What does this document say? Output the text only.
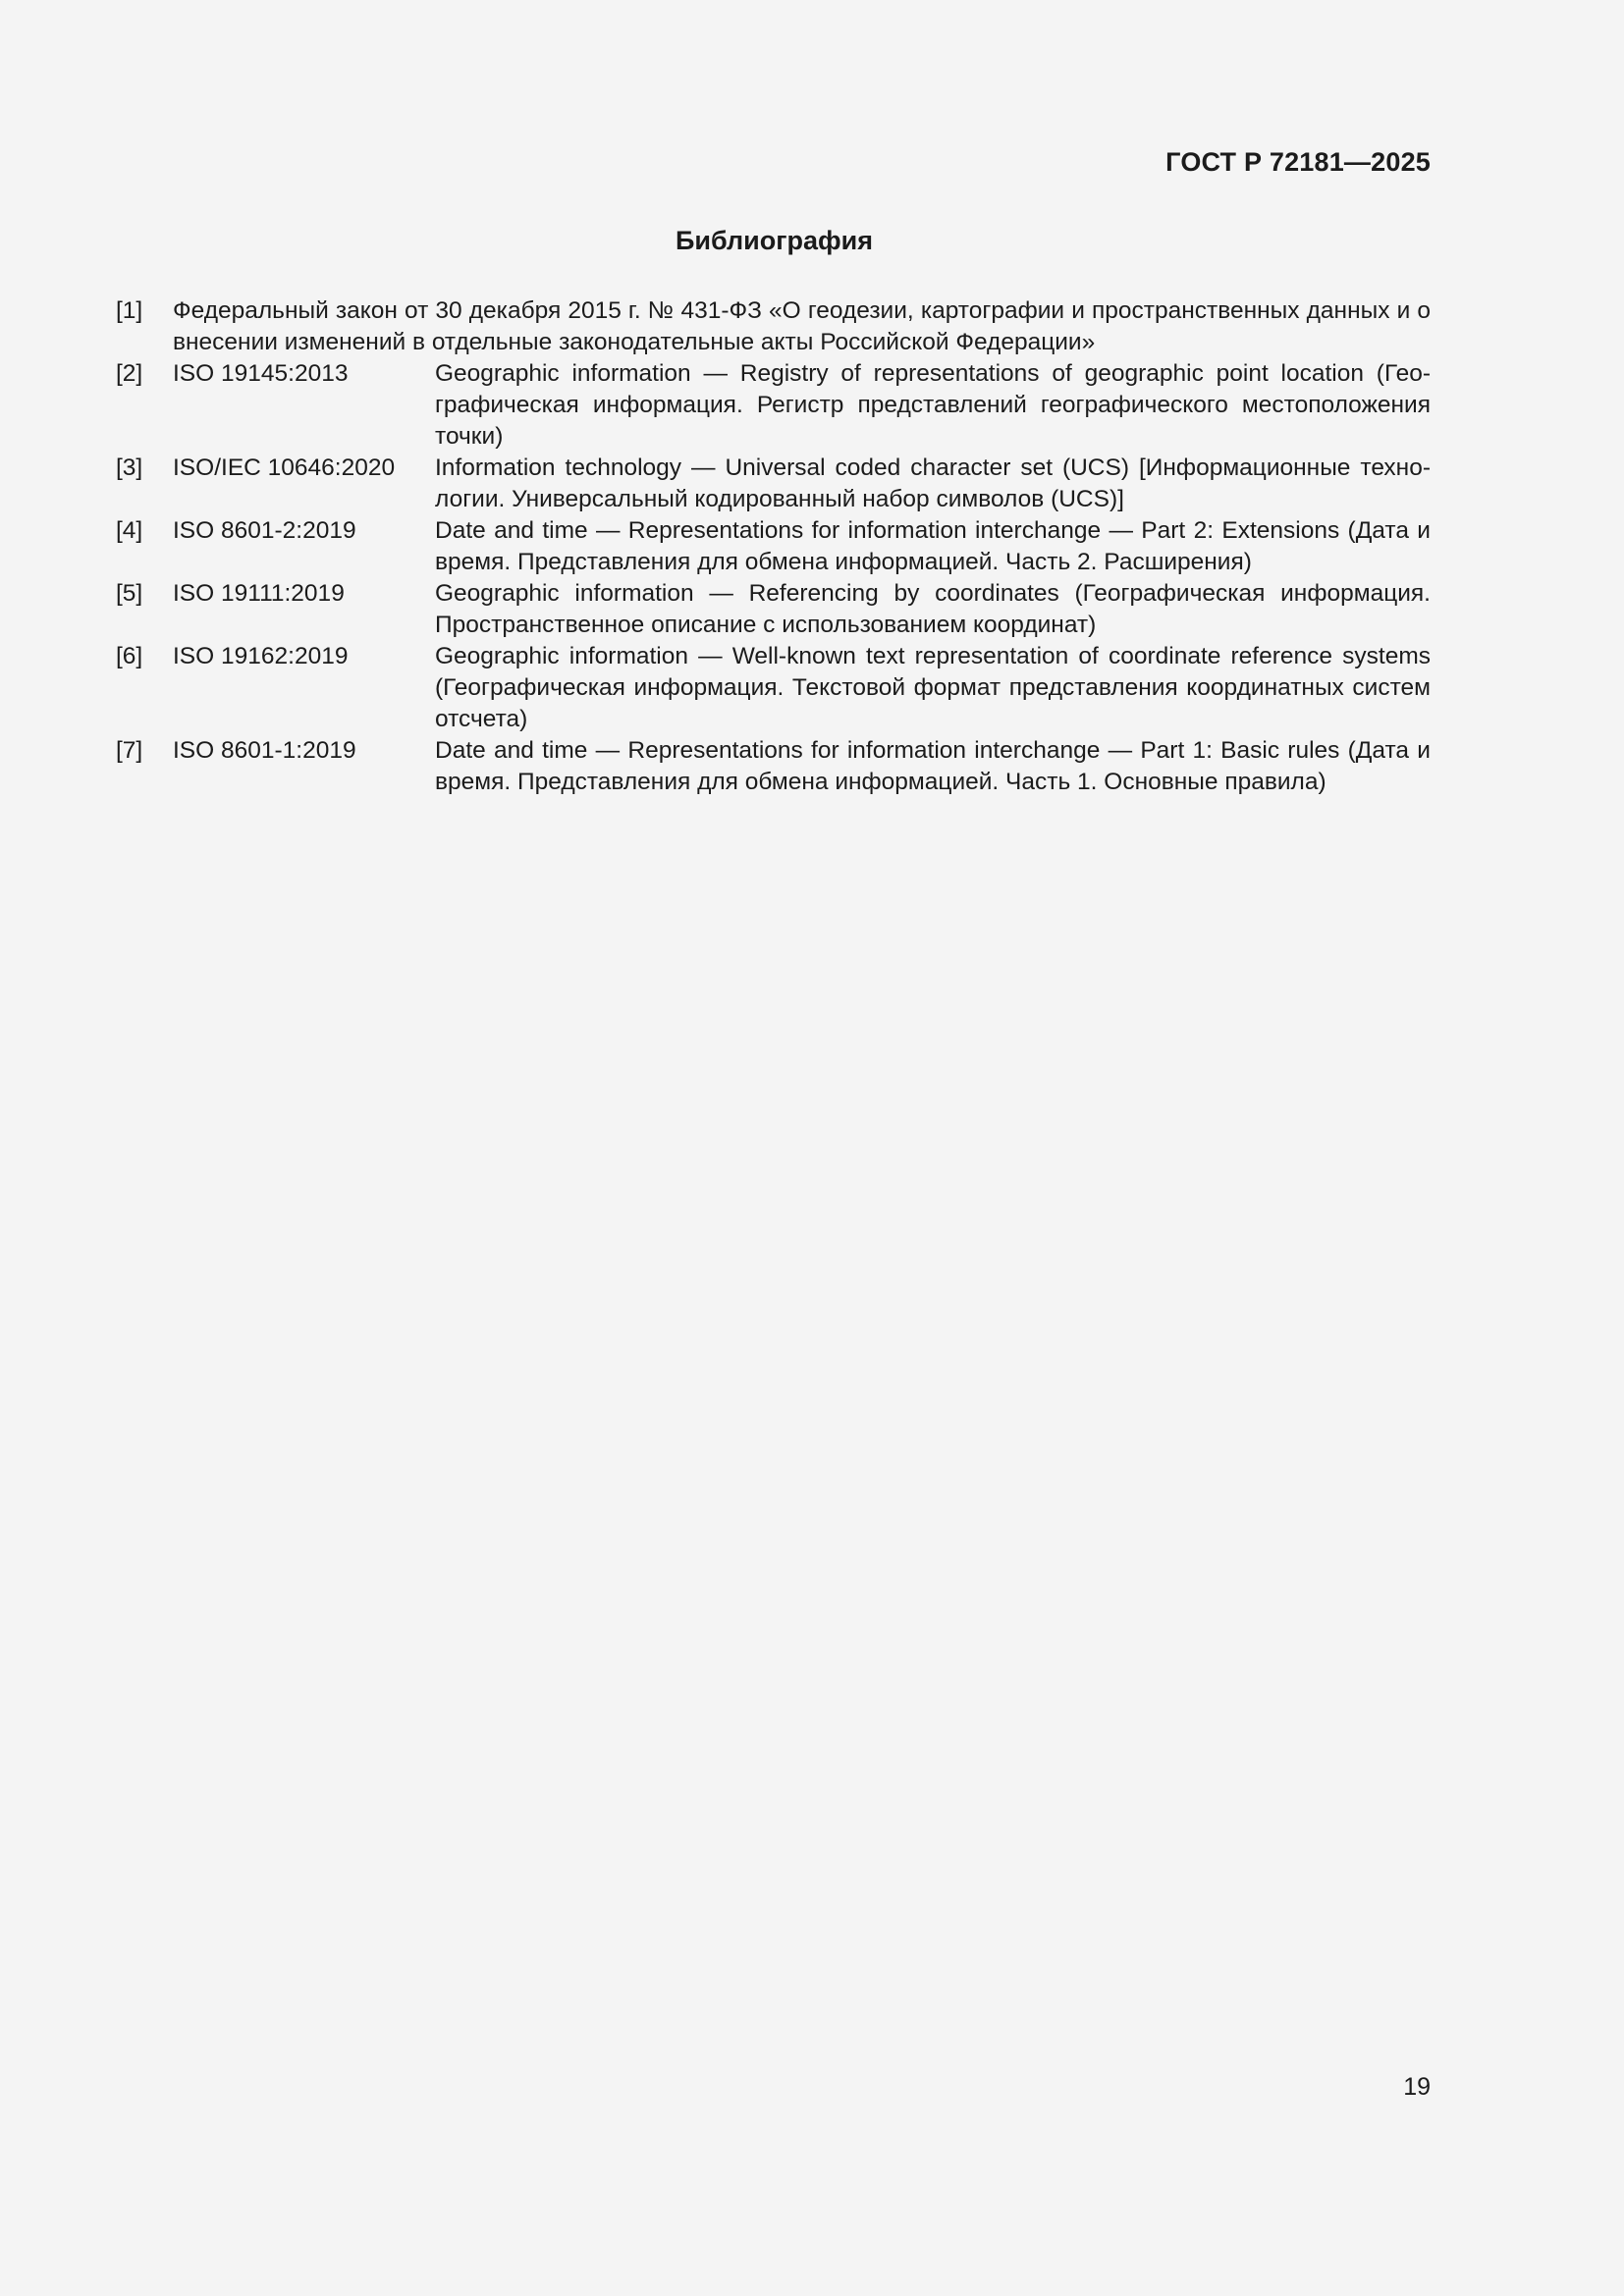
ГОСТ Р 72181—2025
Библиография
[1]	Федеральный закон от 30 декабря 2015 г. № 431-ФЗ «О геодезии, картографии и пространственных данных и о внесении изменений в отдельные законодательные акты Российской Федерации»
[2]	ISO 19145:2013	Geographic information — Registry of representations of geographic point location (Гео-графическая информация. Регистр представлений географического местоположения точки)
[3]	ISO/IEC 10646:2020	Information technology — Universal coded character set (UCS) [Информационные техно-логии. Универсальный кодированный набор символов (UCS)]
[4]	ISO 8601-2:2019	Date and time — Representations for information interchange — Part 2: Extensions (Дата и время. Представления для обмена информацией. Часть 2. Расширения)
[5]	ISO 19111:2019	Geographic information — Referencing by coordinates (Географическая информация. Пространственное описание с использованием координат)
[6]	ISO 19162:2019	Geographic information — Well-known text representation of coordinate reference systems (Географическая информация. Текстовой формат представления координатных систем отсчета)
[7]	ISO 8601-1:2019	Date and time — Representations for information interchange — Part 1: Basic rules (Дата и время. Представления для обмена информацией. Часть 1. Основные правила)
19
